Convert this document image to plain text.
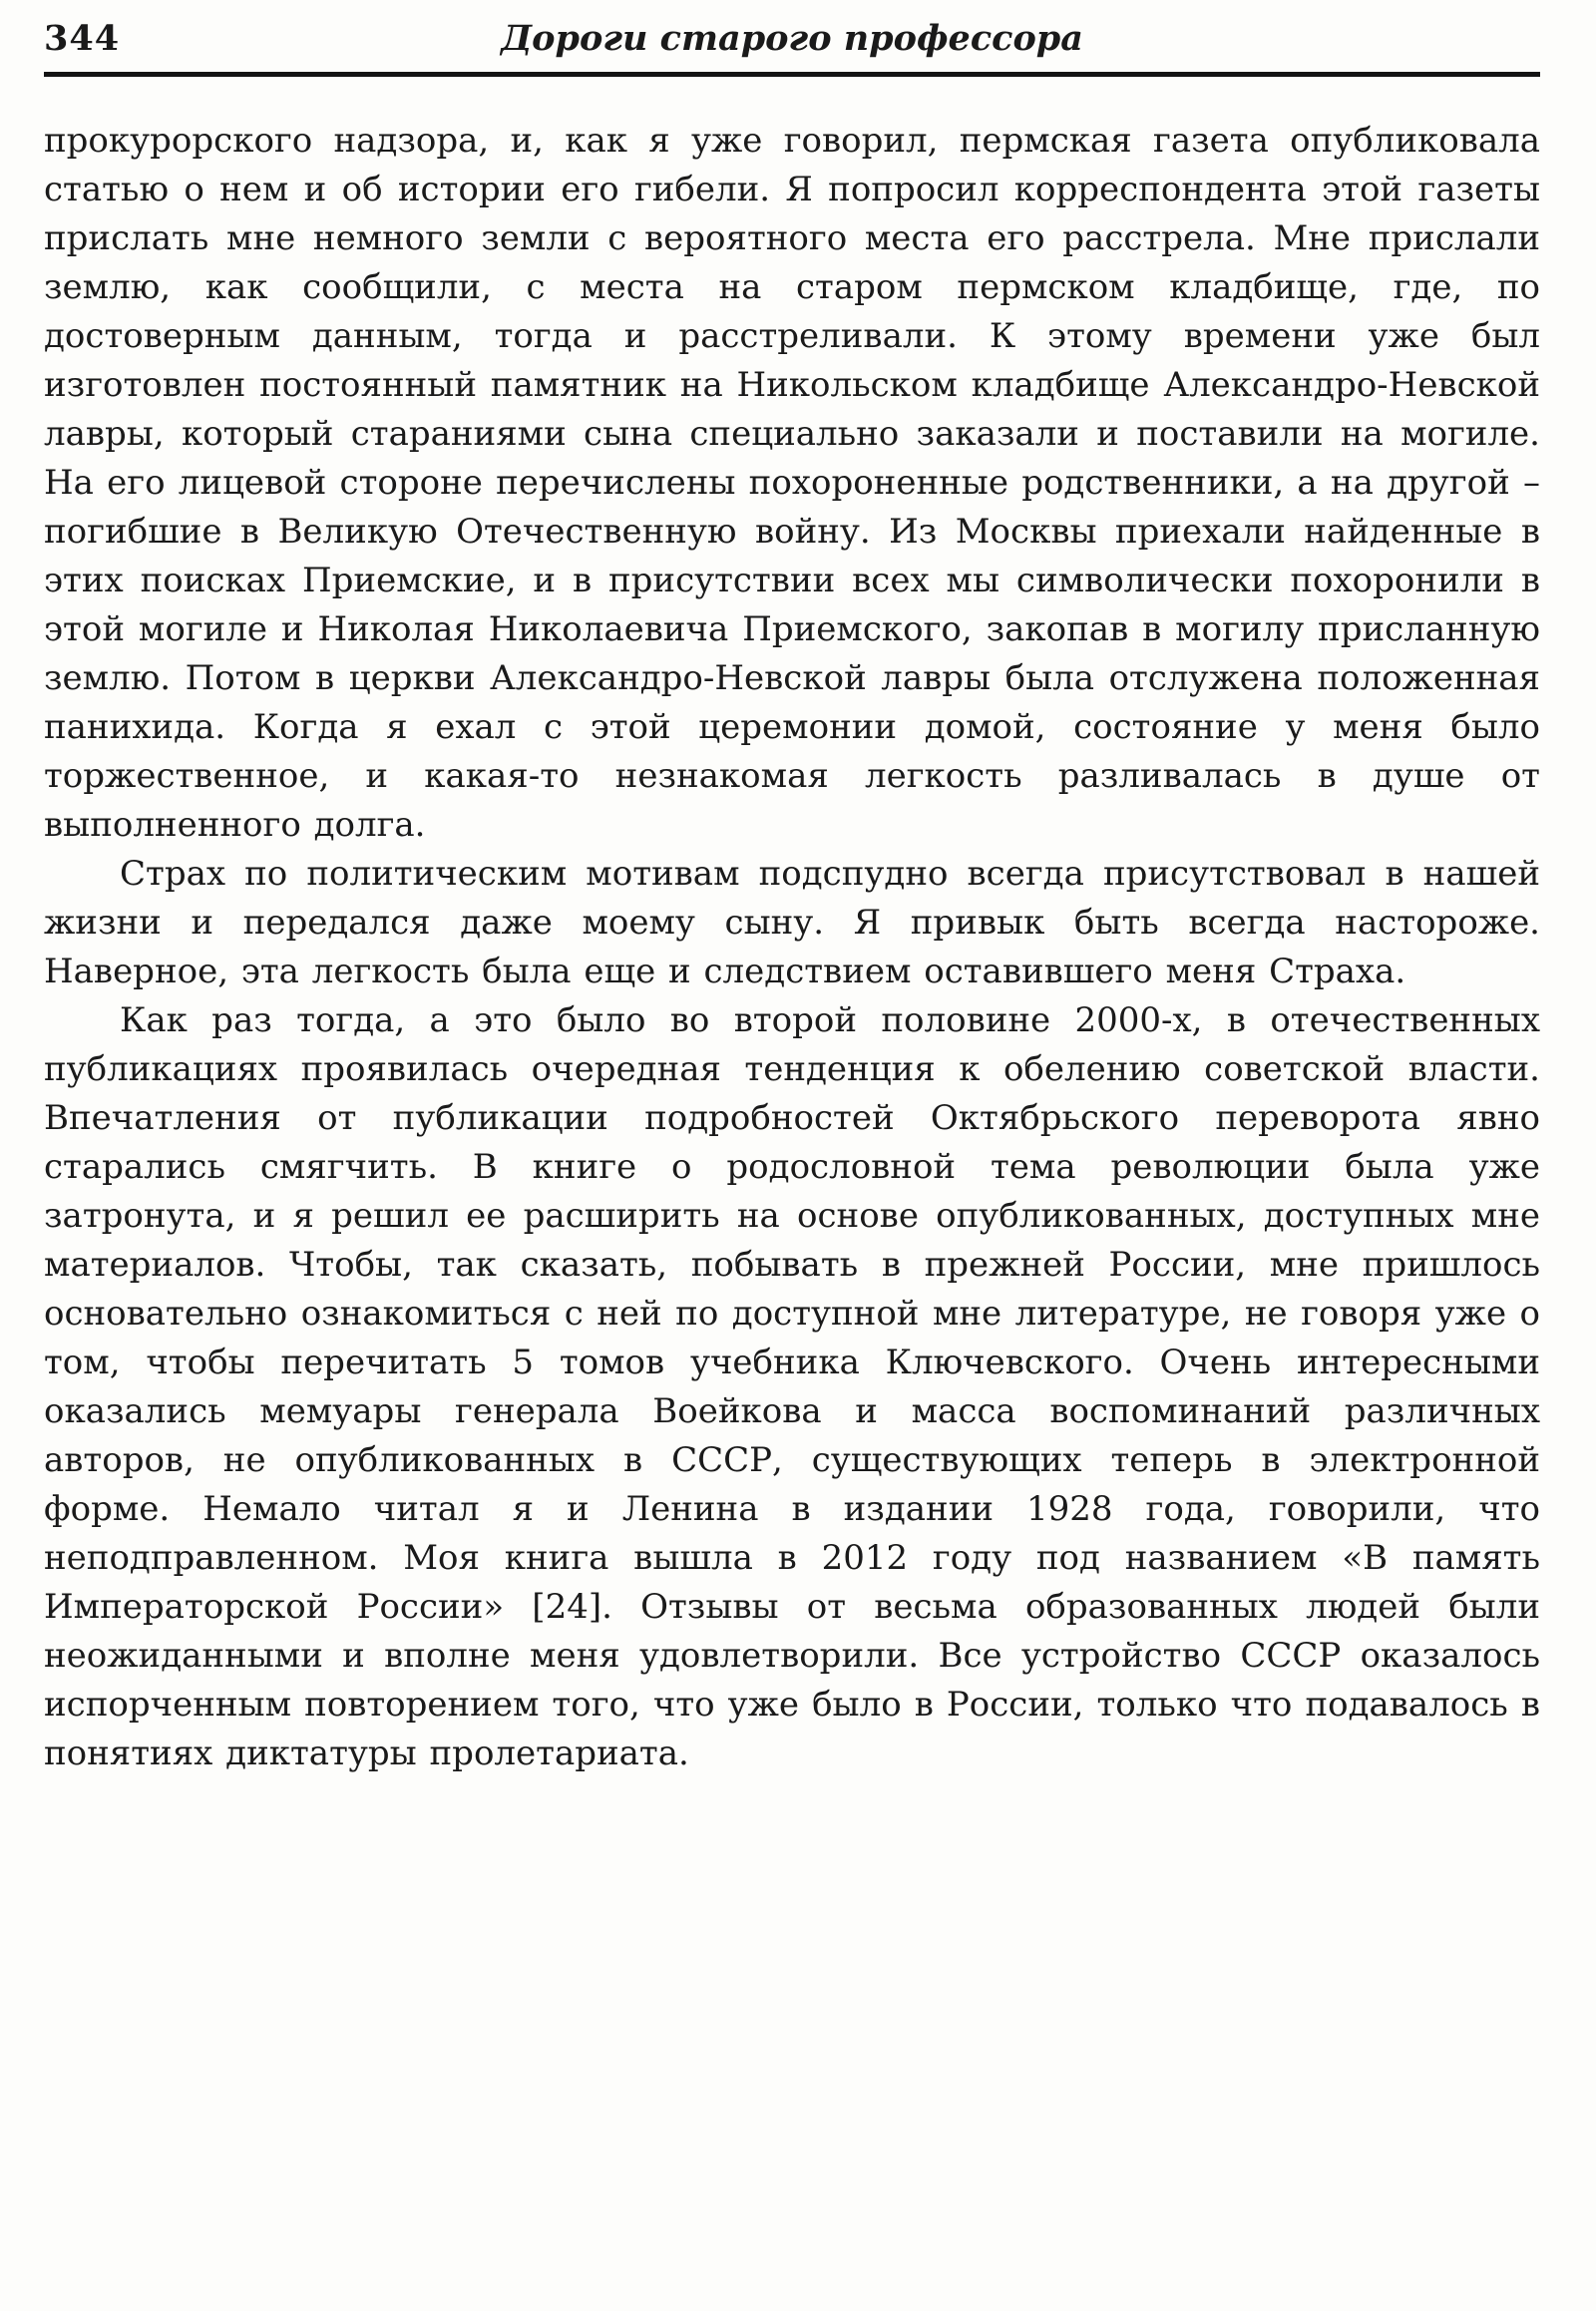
344	Дороги старого профессора

прокурорского надзора, и, как я уже говорил, пермская газета опубликовала статью о нем и об истории его гибели. Я попросил корреспондента этой газеты прислать мне немного земли с вероятного места его расстрела. Мне прислали землю, как сообщили, с места на старом пермском кладбище, где, по достоверным данным, тогда и расстреливали. К этому времени уже был изготовлен постоянный памятник на Никольском кладбище Александро-Невской лавры, который стараниями сына специально заказали и поставили на могиле. На его лицевой стороне перечислены похороненные родственники, а на другой – погибшие в Великую Отечественную войну. Из Москвы приехали найденные в этих поисках Приемские, и в присутствии всех мы символически похоронили в этой могиле и Николая Николаевича Приемского, закопав в могилу присланную землю. Потом в церкви Александро-Невской лавры была отслужена положенная панихида. Когда я ехал с этой церемонии домой, состояние у меня было торжественное, и какая-то незнакомая легкость разливалась в душе от выполненного долга.

Страх по политическим мотивам подспудно всегда присутствовал в нашей жизни и передался даже моему сыну. Я привык быть всегда настороже. Наверное, эта легкость была еще и следствием оставившего меня Страха.

Как раз тогда, а это было во второй половине 2000-х, в отечественных публикациях проявилась очередная тенденция к обелению советской власти. Впечатления от публикации подробностей Октябрьского переворота явно старались смягчить. В книге о родословной тема революции была уже затронута, и я решил ее расширить на основе опубликованных, доступных мне материалов. Чтобы, так сказать, побывать в прежней России, мне пришлось основательно ознакомиться с ней по доступной мне литературе, не говоря уже о том, чтобы перечитать 5 томов учебника Ключевского. Очень интересными оказались мемуары генерала Воейкова и масса воспоминаний различных авторов, не опубликованных в СССР, существующих теперь в электронной форме. Немало читал я и Ленина в издании 1928 года, говорили, что неподправленном. Моя книга вышла в 2012 году под названием «В память Императорской России» [24]. Отзывы от весьма образованных людей были неожиданными и вполне меня удовлетворили. Все устройство СССР оказалось испорченным повторением того, что уже было в России, только что подавалось в понятиях диктатуры пролетариата.
